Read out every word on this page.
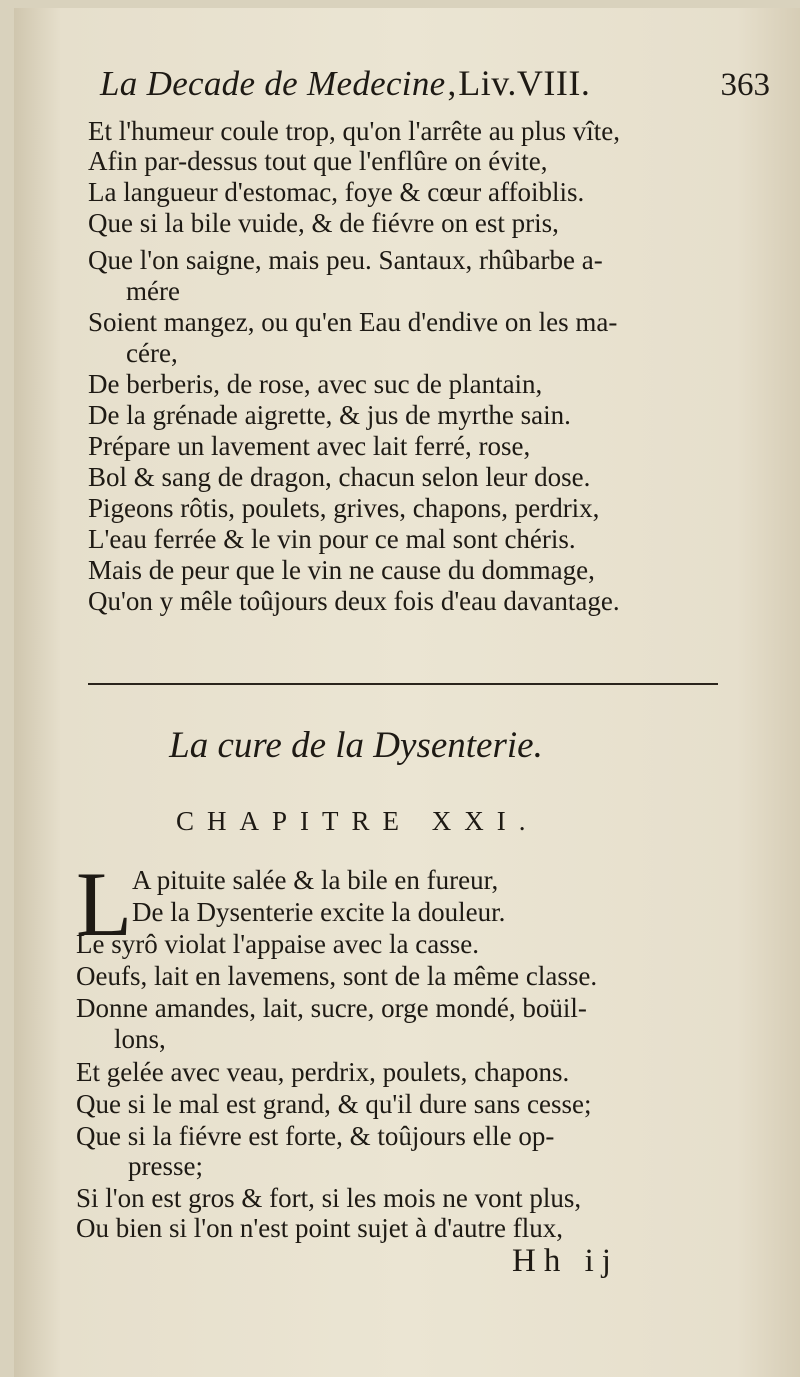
La Decade de Medecine , Liv.VIII.	363
Et l'humeur coule trop, qu'on l'arrête au plus vîte,
Afin par-dessus tout que l'enflûre on évite,
La langueur d'estomac, foye & cœur affoiblis.
Que si la bile vuide, & de fiévre on est pris,
Que l'on saigne, mais peu. Santaux, rhûbarbe a-
mére
Soient mangez, ou qu'en Eau d'endive on les ma-
cére,
De berberis, de rose, avec suc de plantain,
De la grénade aigrette, & jus de myrthe sain.
Prépare un lavement avec lait ferré, rose,
Bol & sang de dragon, chacun selon leur dose.
Pigeons rôtis, poulets, grives, chapons, perdrix,
L'eau ferrée & le vin pour ce mal sont chéris.
Mais de peur que le vin ne cause du dommage,
Qu'on y mêle toûjours deux fois d'eau davantage.
La cure de la Dysenterie.
CHAPITRE XXI.
L A pituite salée & la bile en fureur,
De la Dysenterie excite la douleur.
Le syrô violat l'appaise avec la casse.
Oeufs, lait en lavemens, sont de la même classe.
Donne amandes, lait, sucre, orge mondé, boüil-
lons,
Et gelée avec veau, perdrix, poulets, chapons.
Que si le mal est grand, & qu'il dure sans cesse;
Que si la fiévre est forte, & toûjours elle op-
presse;
Si l'on est gros & fort, si les mois ne vont plus,
Ou bien si l'on n'est point sujet à d'autre flux,
Hh ij
